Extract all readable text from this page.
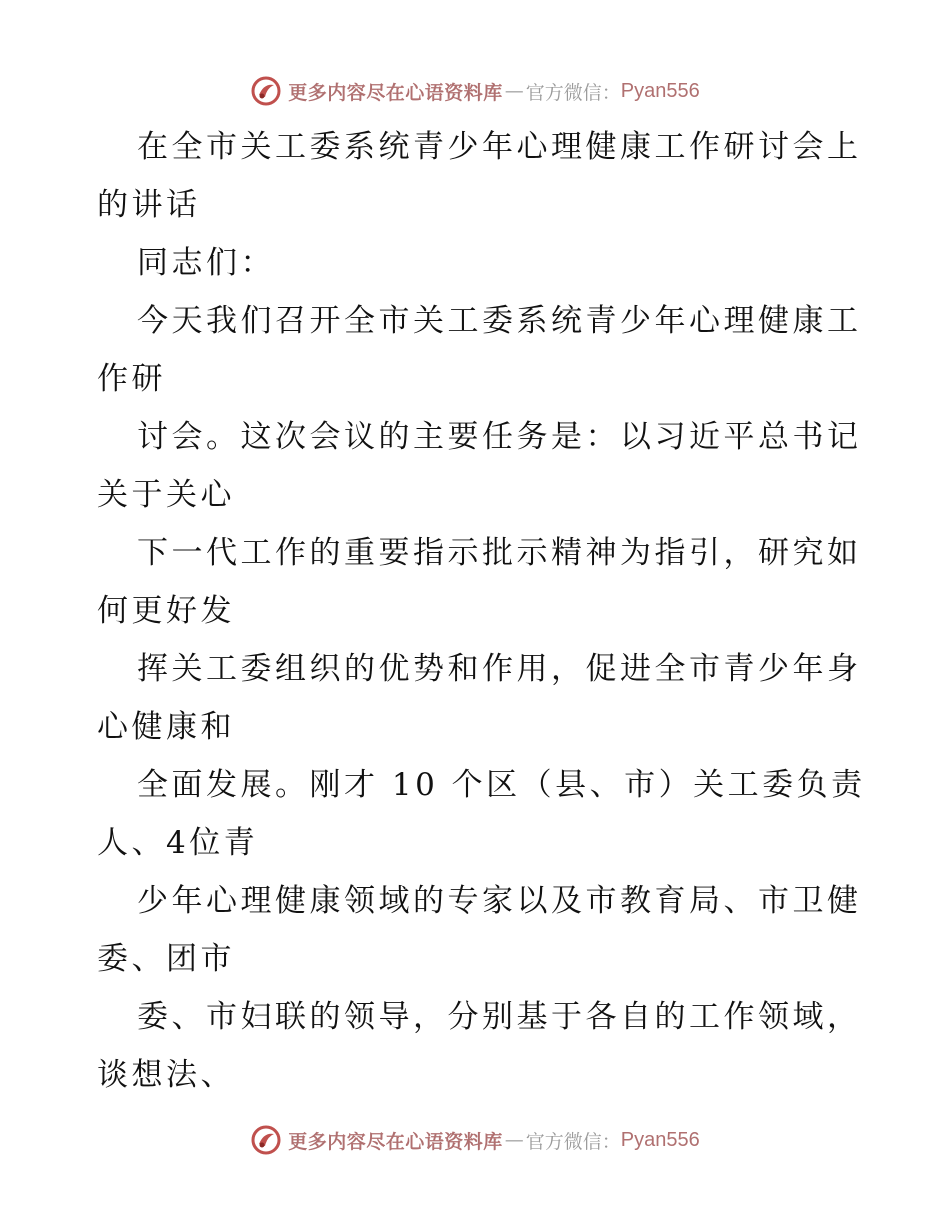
更多内容尽在心语资料库 — 官方微信： Pyan556
在全市关工委系统青少年心理健康工作研讨会上
的讲话
同志们：
今天我们召开全市关工委系统青少年心理健康工
作研
讨会。这次会议的主要任务是：以习近平总书记
关于关心
下一代工作的重要指示批示精神为指引，研究如
何更好发
挥关工委组织的优势和作用，促进全市青少年身
心健康和
全面发展。刚才 10 个区（县、市）关工委负责
人、4位青
少年心理健康领域的专家以及市教育局、市卫健
委、团市
委、市妇联的领导，分别基于各自的工作领域，
谈想法、
更多内容尽在心语资料库 — 官方微信： Pyan556
